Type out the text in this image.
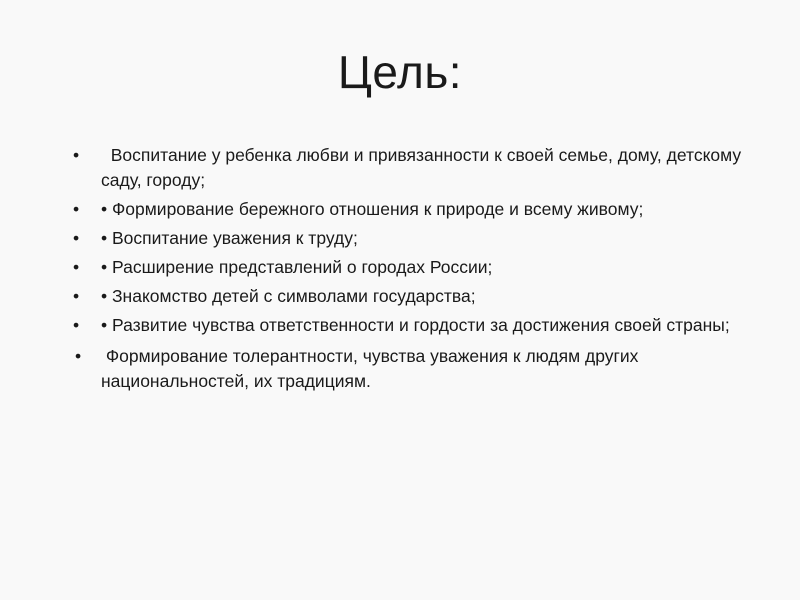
Цель:
• Воспитание у ребенка любви и привязанности к своей семье, дому, детскому саду, городу;
• • Формирование бережного отношения к природе и всему живому;
• • Воспитание уважения к труду;
• • Расширение представлений о городах России;
• • Знакомство детей с символами государства;
• • Развитие чувства ответственности и гордости за достижения своей страны;
• Формирование толерантности, чувства уважения к людям других национальностей, их традициям.
